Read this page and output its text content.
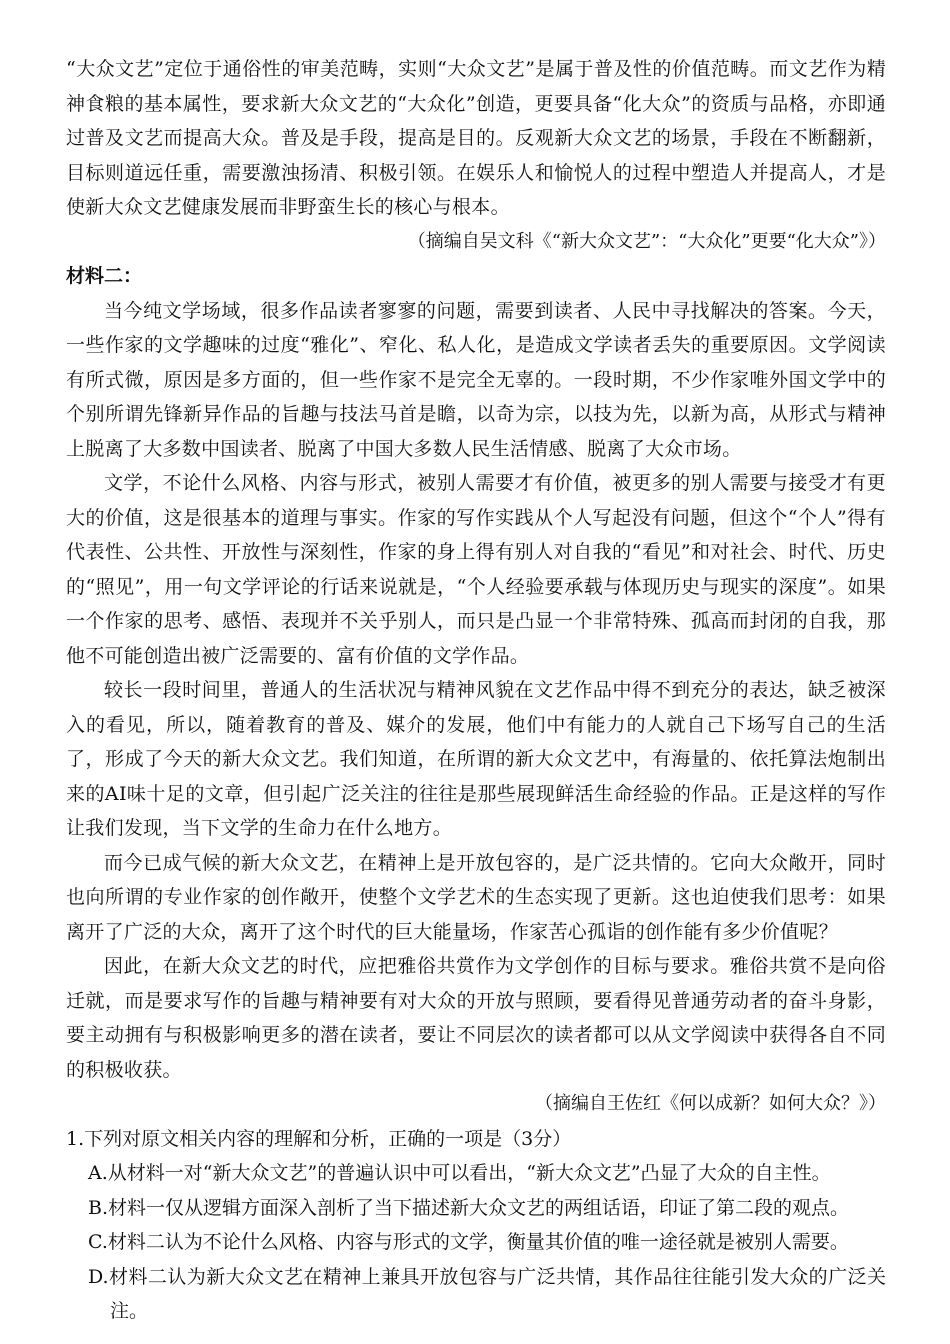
“大众文艺”定位于通俗性的审美范畴，实则“大众文艺”是属于普及性的价值范畴。而文艺作为精神食粮的基本属性，要求新大众文艺的“大众化”创造，更要具备“化大众”的资质与品格，亦即通过普及文艺而提高大众。普及是手段，提高是目的。反观新大众文艺的场景，手段在不断翻新，目标则道远任重，需要激浊扬清、积极引领。在娱乐人和愉悦人的过程中塑造人并提高人，才是使新大众文艺健康发展而非野蛮生长的核心与根本。

（摘编自吴文科《“新大众文艺”：“大众化”更要“化大众”》）

材料二：

当今纯文学场域，很多作品读者寥寥的问题，需要到读者、人民中寻找解决的答案。今天，一些作家的文学趣味的过度“雅化”、窄化、私人化，是造成文学读者丢失的重要原因。文学阅读有所式微，原因是多方面的，但一些作家不是完全无辜的。一段时期，不少作家唯外国文学中的个别所谓先锋新异作品的旨趣与技法马首是瞻，以奇为宗，以技为先，以新为高，从形式与精神上脱离了大多数中国读者、脱离了中国大多数人民生活情感、脱离了大众市场。

文学，不论什么风格、内容与形式，被别人需要才有价值，被更多的别人需要与接受才有更大的价值，这是很基本的道理与事实。作家的写作实践从个人写起没有问题，但这个“个人”得有代表性、公共性、开放性与深刻性，作家的身上得有别人对自我的“看见”和对社会、时代、历史的“照见”，用一句文学评论的行话来说就是，“个人经验要承载与体现历史与现实的深度”。如果一个作家的思考、感悟、表现并不关乎别人，而只是凸显一个非常特殊、孤高而封闭的自我，那他不可能创造出被广泛需要的、富有价值的文学作品。

较长一段时间里，普通人的生活状况与精神风貌在文艺作品中得不到充分的表达，缺乏被深入的看见，所以，随着教育的普及、媒介的发展，他们中有能力的人就自己下场写自己的生活了，形成了今天的新大众文艺。我们知道，在所谓的新大众文艺中，有海量的、依托算法炮制出来的AI味十足的文章，但引起广泛关注的往往是那些展现鲜活生命经验的作品。正是这样的写作让我们发现，当下文学的生命力在什么地方。

而今已成气候的新大众文艺，在精神上是开放包容的，是广泛共情的。它向大众敞开，同时也向所谓的专业作家的创作敞开，使整个文学艺术的生态实现了更新。这也迫使我们思考：如果离开了广泛的大众，离开了这个时代的巨大能量场，作家苦心孤诣的创作能有多少价值呢？

因此，在新大众文艺的时代，应把雅俗共赏作为文学创作的目标与要求。雅俗共赏不是向俗迁就，而是要求写作的旨趣与精神要有对大众的开放与照顾，要看得见普通劳动者的奋斗身影，要主动拥有与积极影响更多的潜在读者，要让不同层次的读者都可以从文学阅读中获得各自不同的积极收获。

（摘编自王佐红《何以成新？如何大众？》）

1.下列对原文相关内容的理解和分析，正确的一项是（3分）

A.从材料一对“新大众文艺”的普遍认识中可以看出，“新大众文艺”凸显了大众的自主性。

B.材料一仅从逻辑方面深入剖析了当下描述新大众文艺的两组话语，印证了第二段的观点。

C.材料二认为不论什么风格、内容与形式的文学，衡量其价值的唯一途径就是被别人需要。

D.材料二认为新大众文艺在精神上兼具开放包容与广泛共情，其作品往往能引发大众的广泛关注。
